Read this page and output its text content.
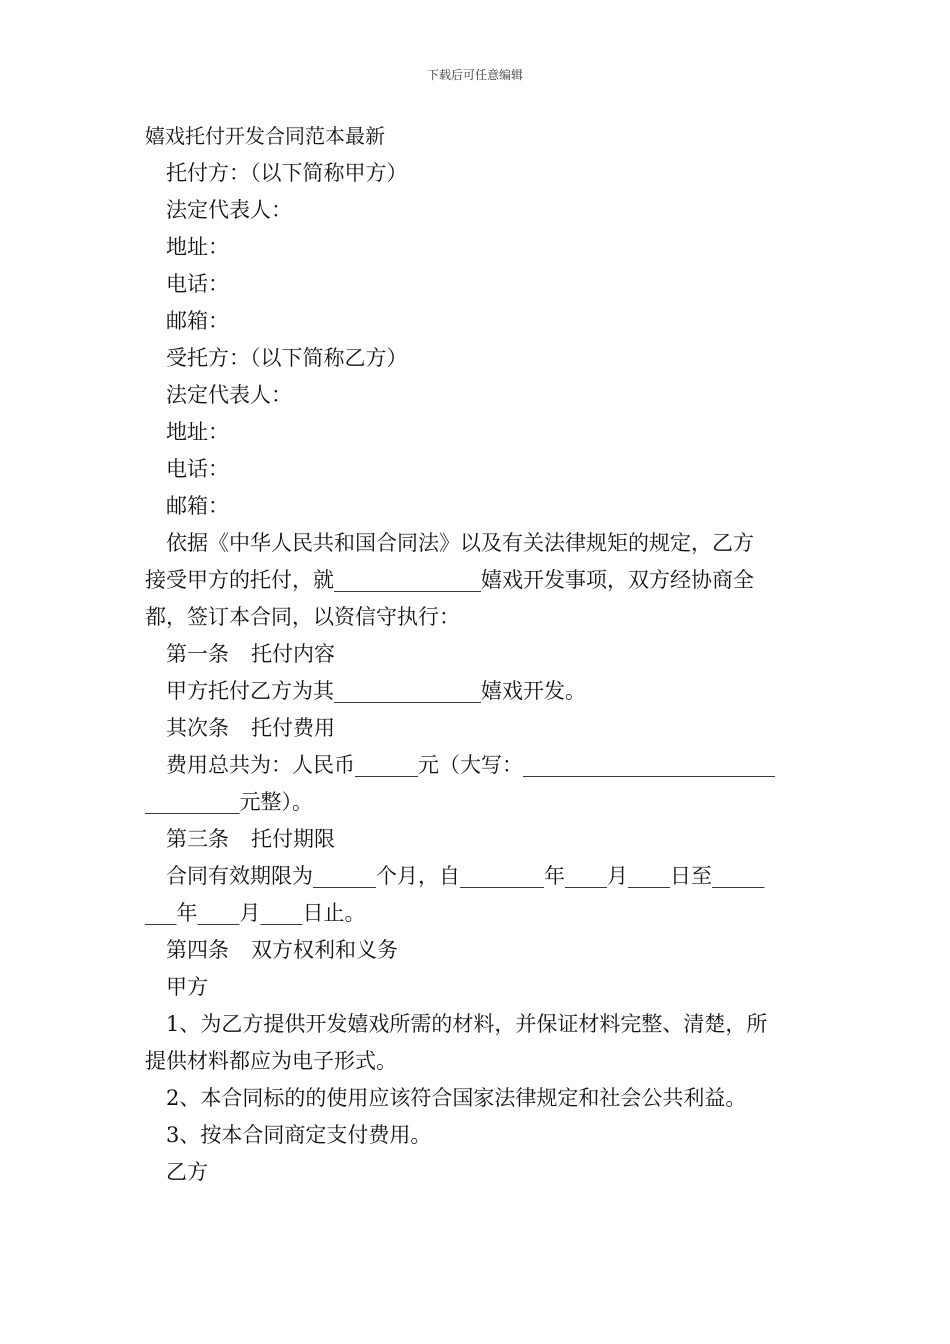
下载后可任意编辑
嬉戏托付开发合同范本最新
托付方：（以下简称甲方）
法定代表人：
地址：
电话：
邮箱：
受托方：（以下简称乙方）
法定代表人：
地址：
电话：
邮箱：
依据《中华人民共和国合同法》以及有关法律规矩的规定，乙方
接受甲方的托付，就______________嬉戏开发事项，双方经协商全
都，签订本合同，以资信守执行：
第一条 托付内容
甲方托付乙方为其______________嬉戏开发。
其次条 托付费用
费用总共为：人民币______元（大写：________________________
_________元整）。
第三条 托付期限
合同有效期限为______个月，自________年____月____日至_____
___年____月____日止。
第四条 双方权利和义务
甲方
1、为乙方提供开发嬉戏所需的材料，并保证材料完整、清楚，所
提供材料都应为电子形式。
2、本合同标的的使用应该符合国家法律规定和社会公共利益。
3、按本合同商定支付费用。
乙方
